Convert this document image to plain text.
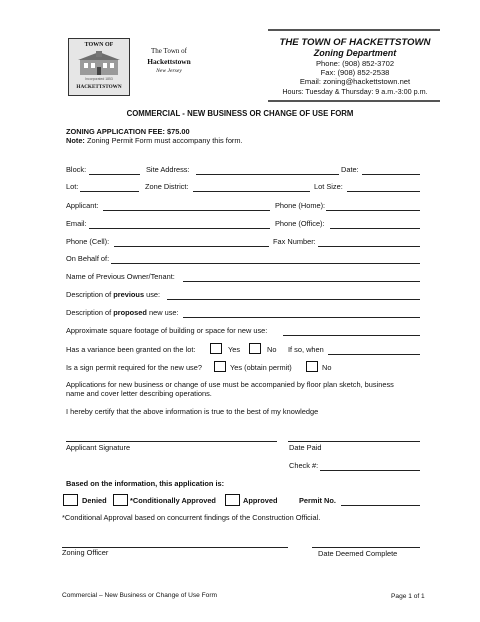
TOWN OF
Incorporated 1853
HACKETTSTOWN
The Town of
Hackettstown
New Jersey
THE TOWN OF HACKETTSTOWN
Zoning Department
Phone: (908) 852-3702
Fax: (908) 852-2538
Email: zoning@hackettstown.net
Hours: Tuesday & Thursday: 9 a.m.-3:00 p.m.
COMMERCIAL - NEW BUSINESS OR CHANGE OF USE FORM
ZONING APPLICATION FEE: $75.00
Note: Zoning Permit Form must accompany this form.
Block:	Site Address:	Date:
Lot:	Zone District:	Lot Size:
Applicant:	Phone (Home):
Email:	Phone (Office):
Phone (Cell):	Fax Number:
On Behalf of:
Name of Previous Owner/Tenant:
Description of previous use:
Description of proposed new use:
Approximate square footage of building or space for new use:
Has a variance been granted on the lot:	Yes	No If so, when
Is a sign permit required for the new use?	Yes (obtain permit)	No
Applications for new business or change of use must be accompanied by floor plan sketch, business
name and cover letter describing operations.
I hereby certify that the above information is true to the best of my knowledge
Applicant Signature	Date Paid
Check #:
Based on the information, this application is:
Denied	*Conditionally Approved	Approved	Permit No.
*Conditional Approval based on concurrent findings of the Construction Official.
Zoning Officer	Date Deemed Complete
Commercial – New Business or Change of Use Form	Page 1 of 1
